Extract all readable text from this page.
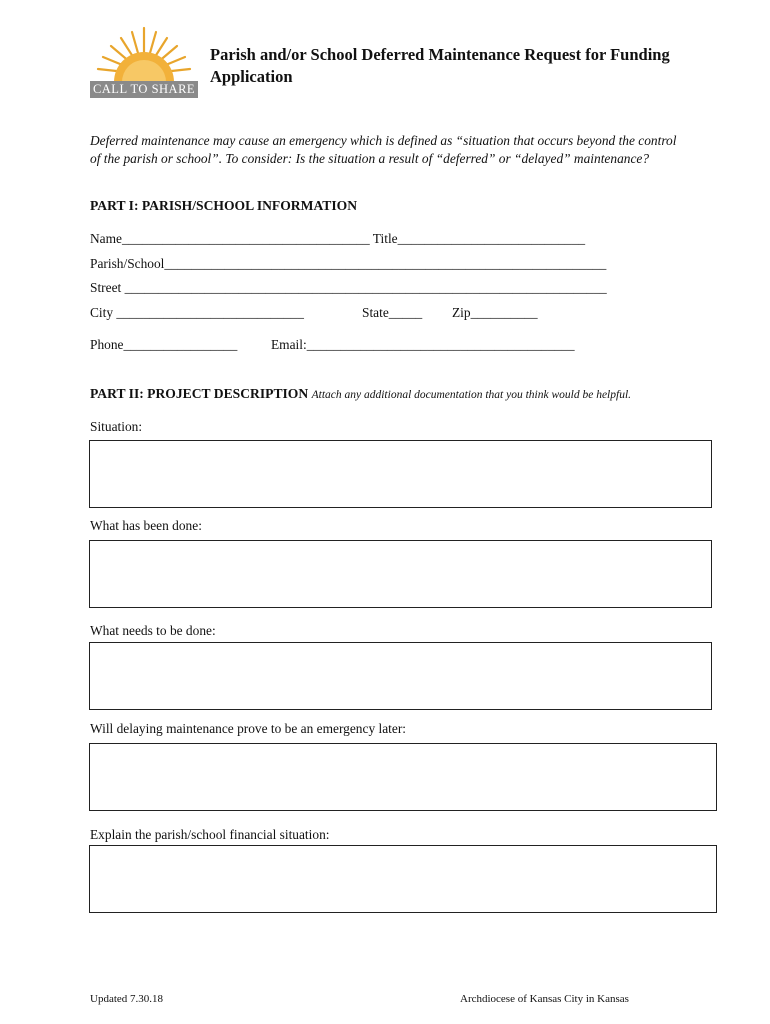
CALL TO SHARE
Parish and/or School Deferred Maintenance Request for Funding
Application
Deferred maintenance may cause an emergency which is defined as “situation that occurs beyond the control
of the parish or school”. To consider: Is the situation a result of “deferred” or “delayed” maintenance?
PART I: PARISH/SCHOOL INFORMATION
Name_____________________________________ Title____________________________
Parish/School__________________________________________________________________
Street ________________________________________________________________________
City ____________________________	State_____ Zip__________
Phone_________________	Email:________________________________________
PART II: PROJECT DESCRIPTION Attach any additional documentation that you think would be helpful.
Situation:
What has been done:
What needs to be done:
Will delaying maintenance prove to be an emergency later:
Explain the parish/school financial situation:
Updated 7.30.18	Archdiocese of Kansas City in Kansas
